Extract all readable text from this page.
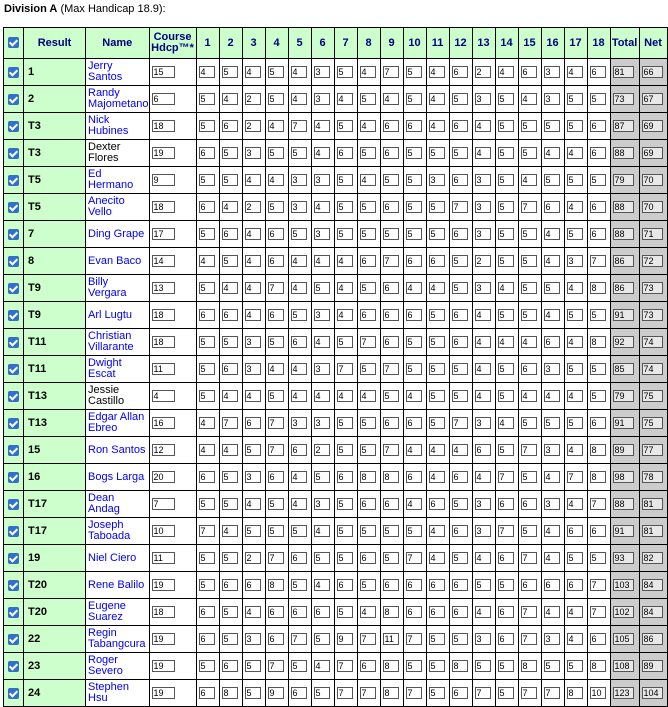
Division A (Max Handicap 18.9):
	Result	Name	Course
Hdcp™*	1	2	3	4	5	6	7	8	9	10	11	12	13	14	15	16	17	18	Total	Net
	1	Jerry
Santos	15	4	5	4	5	4	3	5	4	7	5	4	6	2	4	6	3	4	6	81	66
	2	Randy
Majometano	6	5	4	2	5	4	3	4	5	4	5	4	5	3	5	4	3	5	5	73	67
	T3	Nick
Hubines	18	5	6	2	4	7	4	5	4	6	6	4	6	4	5	5	5	5	6	87	69
	T3	Dexter
Flores	19	6	5	3	5	5	4	6	5	6	5	5	5	4	5	5	4	4	6	88	69
	T5	Ed
Hermano	9	5	5	4	4	3	3	5	4	5	5	3	6	3	5	4	5	5	5	79	70
	T5	Anecito
Vello	18	6	4	2	5	3	4	5	5	6	5	5	7	3	5	7	6	4	6	88	70
	7	Ding Grape	17	5	6	4	6	5	3	5	5	5	5	5	6	3	5	5	4	5	6	88	71
	8	Evan Baco	14	4	5	4	6	4	4	4	6	7	6	6	5	2	5	5	4	3	7	86	72
	T9	Billy
Vergara	13	5	4	4	7	4	5	4	5	6	4	4	5	3	4	5	5	4	8	86	73
	T9	Arl Lugtu	18	6	6	4	6	5	3	4	6	6	6	5	6	4	5	5	4	5	5	91	73
	T11	Christian
Villarante	18	5	5	3	5	6	4	5	7	6	5	5	6	4	4	4	6	4	8	92	74
	T11	Dwight
Escat	11	5	6	3	4	4	3	7	5	7	5	5	5	4	5	6	3	5	5	85	74
	T13	Jessie
Castillo	4	5	4	4	5	4	4	4	4	5	4	5	5	4	5	4	4	4	5	79	75
	T13	Edgar Allan
Ebreo	16	4	7	6	7	3	3	5	5	6	6	5	7	3	4	5	5	5	6	91	75
	15	Ron Santos	12	4	4	5	7	6	2	5	5	7	4	4	4	6	5	7	3	4	8	89	77
	16	Bogs Larga	20	6	5	3	6	4	5	6	8	8	6	4	6	4	7	5	4	7	8	98	78
	T17	Dean
Andag	7	5	5	4	5	4	3	5	6	6	4	6	5	3	6	6	3	4	7	88	81
	T17	Joseph
Taboada	10	7	4	5	5	5	4	5	5	5	5	4	6	3	7	5	4	6	6	91	81
	19	Niel Ciero	11	5	5	2	7	6	5	5	6	5	7	4	5	4	6	7	4	5	5	93	82
	T20	Rene Balilo	19	5	6	6	8	5	4	6	5	6	6	6	6	5	5	6	6	6	7	103	84
	T20	Eugene
Suarez	18	6	5	4	6	6	6	5	4	8	6	6	6	4	6	7	4	4	7	102	84
	22	Regin
Tabangcura	19	6	5	3	6	7	5	9	7	11	7	5	5	3	6	7	3	4	6	105	86
	23	Roger
Severo	19	5	6	5	7	5	4	7	6	8	5	5	8	5	5	8	5	5	8	108	89
	24	Stephen
Hsu	19	6	8	5	9	6	5	7	7	8	7	5	6	7	5	7	7	8	10	123	104
